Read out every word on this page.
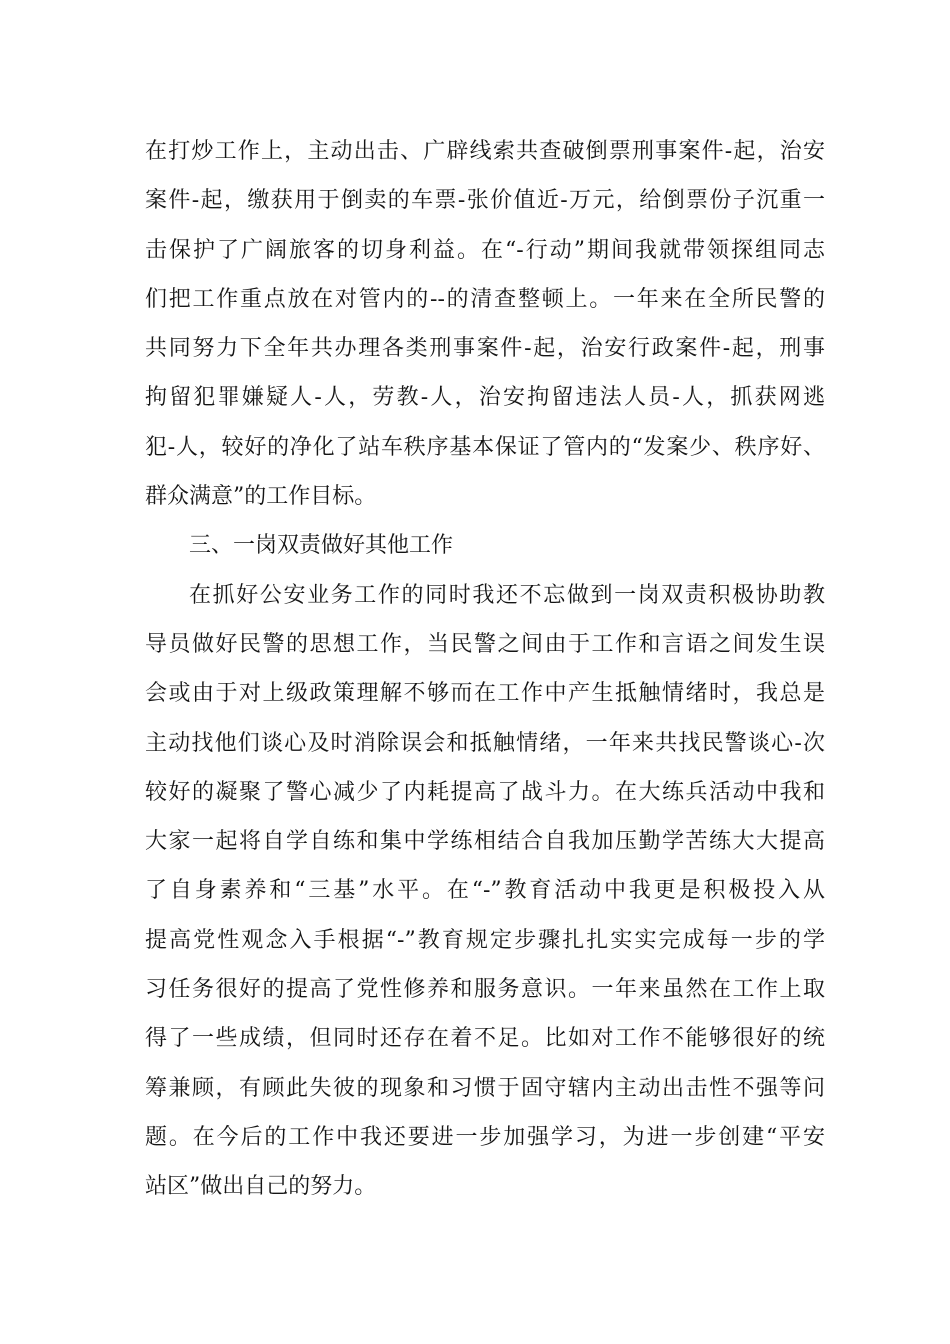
在打炒工作上，主动出击、广辟线索共查破倒票刑事案件-起，治安
案件-起，缴获用于倒卖的车票-张价值近-万元，给倒票份子沉重一
击保护了广阔旅客的切身利益。在“-行动”期间我就带领探组同志
们把工作重点放在对管内的--的清查整顿上。一年来在全所民警的
共同努力下全年共办理各类刑事案件-起，治安行政案件-起，刑事
拘留犯罪嫌疑人-人，劳教-人，治安拘留违法人员-人，抓获网逃
犯-人，较好的净化了站车秩序基本保证了管内的“发案少、秩序好、
群众满意”的工作目标。
三、一岗双责做好其他工作
在抓好公安业务工作的同时我还不忘做到一岗双责积极协助教
导员做好民警的思想工作，当民警之间由于工作和言语之间发生误
会或由于对上级政策理解不够而在工作中产生抵触情绪时，我总是
主动找他们谈心及时消除误会和抵触情绪，一年来共找民警谈心-次
较好的凝聚了警心减少了内耗提高了战斗力。在大练兵活动中我和
大家一起将自学自练和集中学练相结合自我加压勤学苦练大大提高
了自身素养和“三基”水平。在“-”教育活动中我更是积极投入从
提高党性观念入手根据“-”教育规定步骤扎扎实实完成每一步的学
习任务很好的提高了党性修养和服务意识。一年来虽然在工作上取
得了一些成绩，但同时还存在着不足。比如对工作不能够很好的统
筹兼顾，有顾此失彼的现象和习惯于固守辖内主动出击性不强等问
题。在今后的工作中我还要进一步加强学习，为进一步创建“平安
站区”做出自己的努力。
